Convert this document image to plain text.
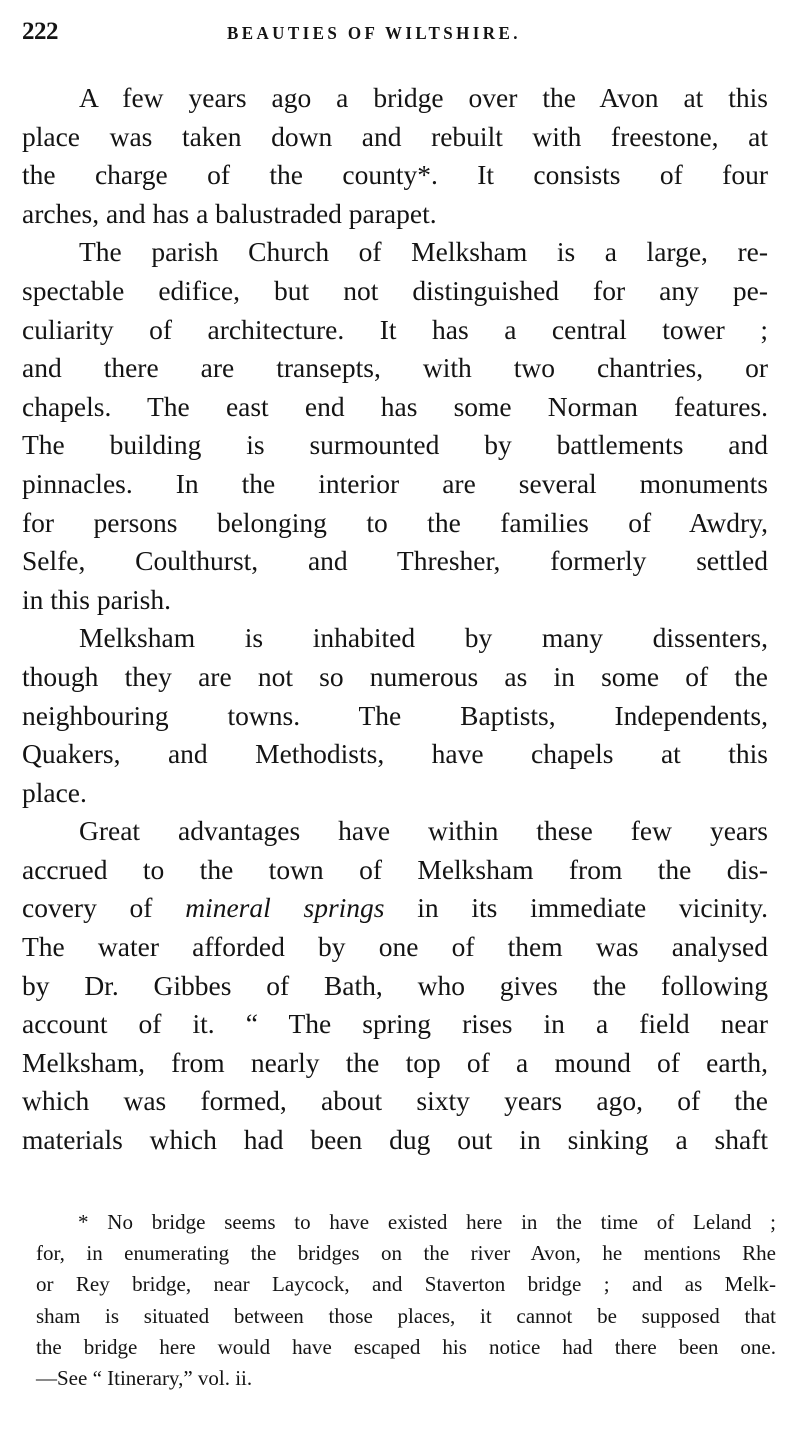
222	BEAUTIES OF WILTSHIRE.
A few years ago a bridge over the Avon at this
place was taken down and rebuilt with freestone, at
the charge of the county*. It consists of four
arches, and has a balustraded parapet.
The parish Church of Melksham is a large, re-
spectable edifice, but not distinguished for any pe-
culiarity of architecture. It has a central tower ;
and there are transepts, with two chantries, or
chapels. The east end has some Norman features.
The building is surmounted by battlements and
pinnacles. In the interior are several monuments
for persons belonging to the families of Awdry,
Selfe, Coulthurst, and Thresher, formerly settled
in this parish.
Melksham is inhabited by many dissenters,
though they are not so numerous as in some of the
neighbouring towns. The Baptists, Independents,
Quakers, and Methodists, have chapels at this
place.
Great advantages have within these few years
accrued to the town of Melksham from the dis-
covery of mineral springs in its immediate vicinity.
The water afforded by one of them was analysed
by Dr. Gibbes of Bath, who gives the following
account of it. “ The spring rises in a field near
Melksham, from nearly the top of a mound of earth,
which was formed, about sixty years ago, of the
materials which had been dug out in sinking a shaft
* No bridge seems to have existed here in the time of Leland ;
for, in enumerating the bridges on the river Avon, he mentions Rhe
or Rey bridge, near Laycock, and Staverton bridge ; and as Melk-
sham is situated between those places, it cannot be supposed that
the bridge here would have escaped his notice had there been one.
—See “ Itinerary,” vol. ii.
